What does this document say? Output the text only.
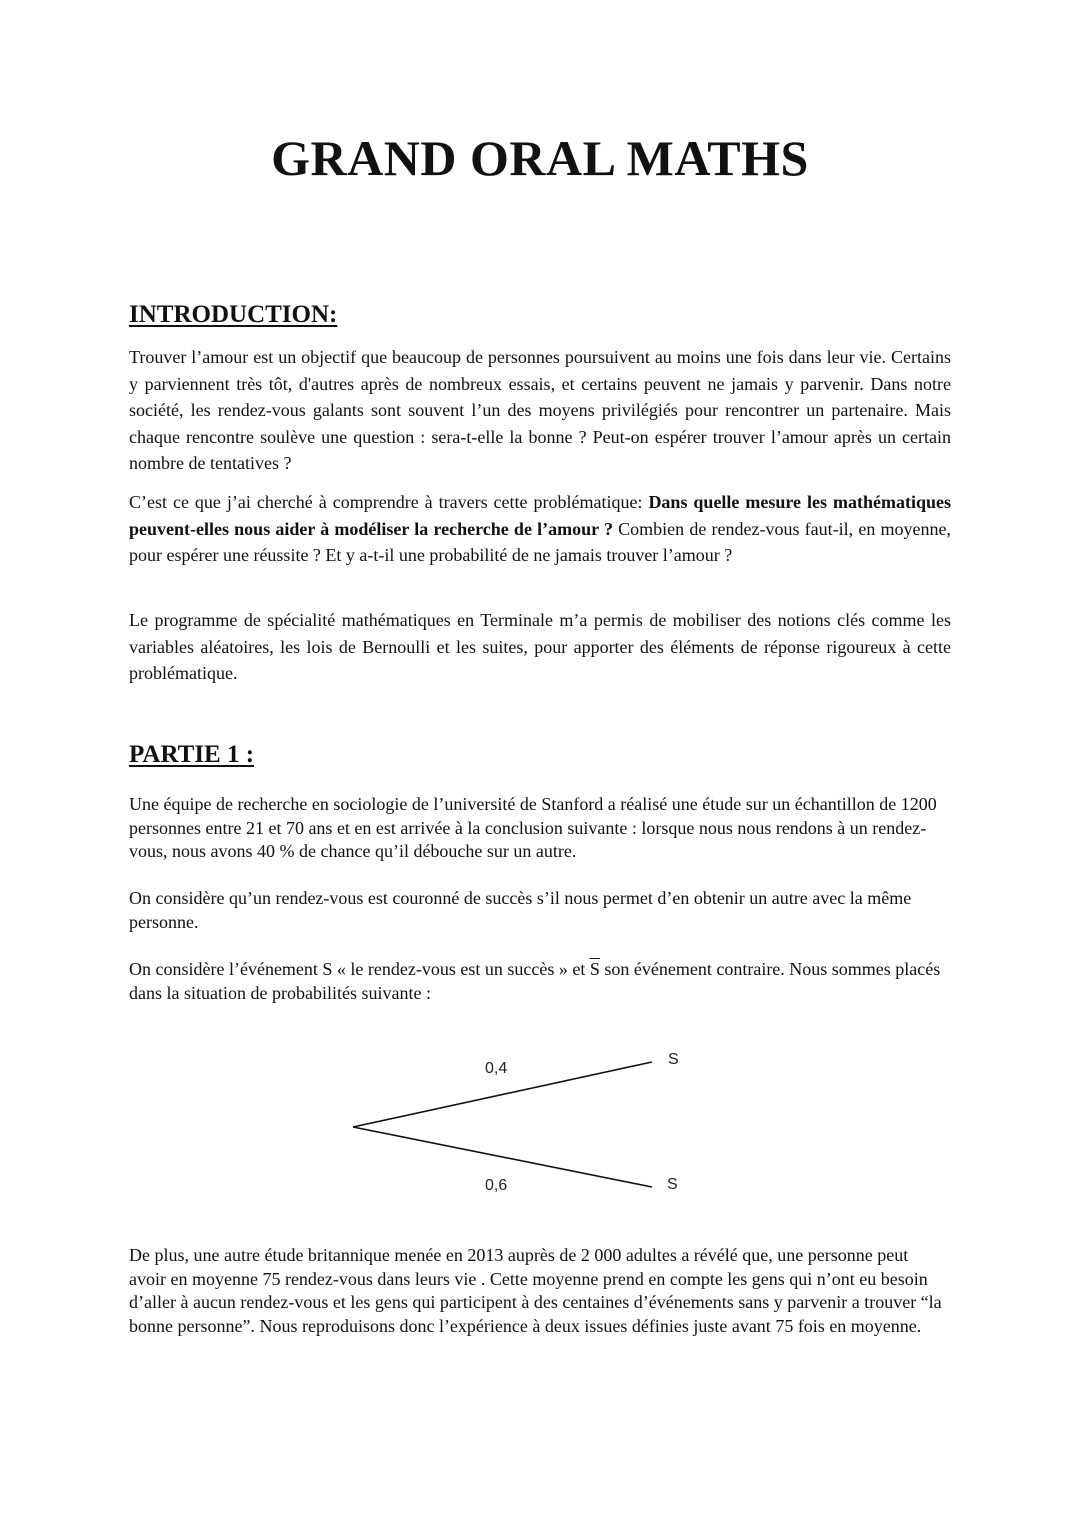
GRAND ORAL MATHS
INTRODUCTION:

Trouver l’amour est un objectif que beaucoup de personnes poursuivent au moins une fois dans leur vie. Certains y parviennent très tôt, d'autres après de nombreux essais, et certains peuvent ne jamais y parvenir. Dans notre société, les rendez-vous galants sont souvent l’un des moyens privilégiés pour rencontrer un partenaire. Mais chaque rencontre soulève une question : sera-t-elle la bonne ? Peut-on espérer trouver l’amour après un certain nombre de tentatives ?

C’est ce que j’ai cherché à comprendre à travers cette problématique: Dans quelle mesure les mathématiques peuvent-elles nous aider à modéliser la recherche de l’amour ? Combien de rendez-vous faut-il, en moyenne, pour espérer une réussite ? Et y a-t-il une probabilité de ne jamais trouver l’amour ?

Le programme de spécialité mathématiques en Terminale m’a permis de mobiliser des notions clés comme les variables aléatoires, les lois de Bernoulli et les suites, pour apporter des éléments de réponse rigoureux à cette problématique.

PARTIE 1 :

Une équipe de recherche en sociologie de l’université de Stanford a réalisé une étude sur un échantillon de 1200 personnes entre 21 et 70 ans et en est arrivée à la conclusion suivante : lorsque nous nous rendons à un rendez-vous, nous avons 40 % de chance qu’il débouche sur un autre.

On considère qu’un rendez-vous est couronné de succès s’il nous permet d’en obtenir un autre avec la même personne.

On considère l’événement S « le rendez-vous est un succès » et $\overline{S}$ son événement contraire. Nous sommes placés dans la situation de probabilités suivante :

0,4
S
0,6	S

De plus, une autre étude britannique menée en 2013 auprès de 2 000 adultes a révélé que, une personne peut avoir en moyenne 75 rendez-vous dans leurs vie . Cette moyenne prend en compte les gens qui n’ont eu besoin d’aller à aucun rendez-vous et les gens qui participent à des centaines d’événements sans y parvenir a trouver “la bonne personne”. Nous reproduisons donc l’expérience à deux issues définies juste avant 75 fois en moyenne.
